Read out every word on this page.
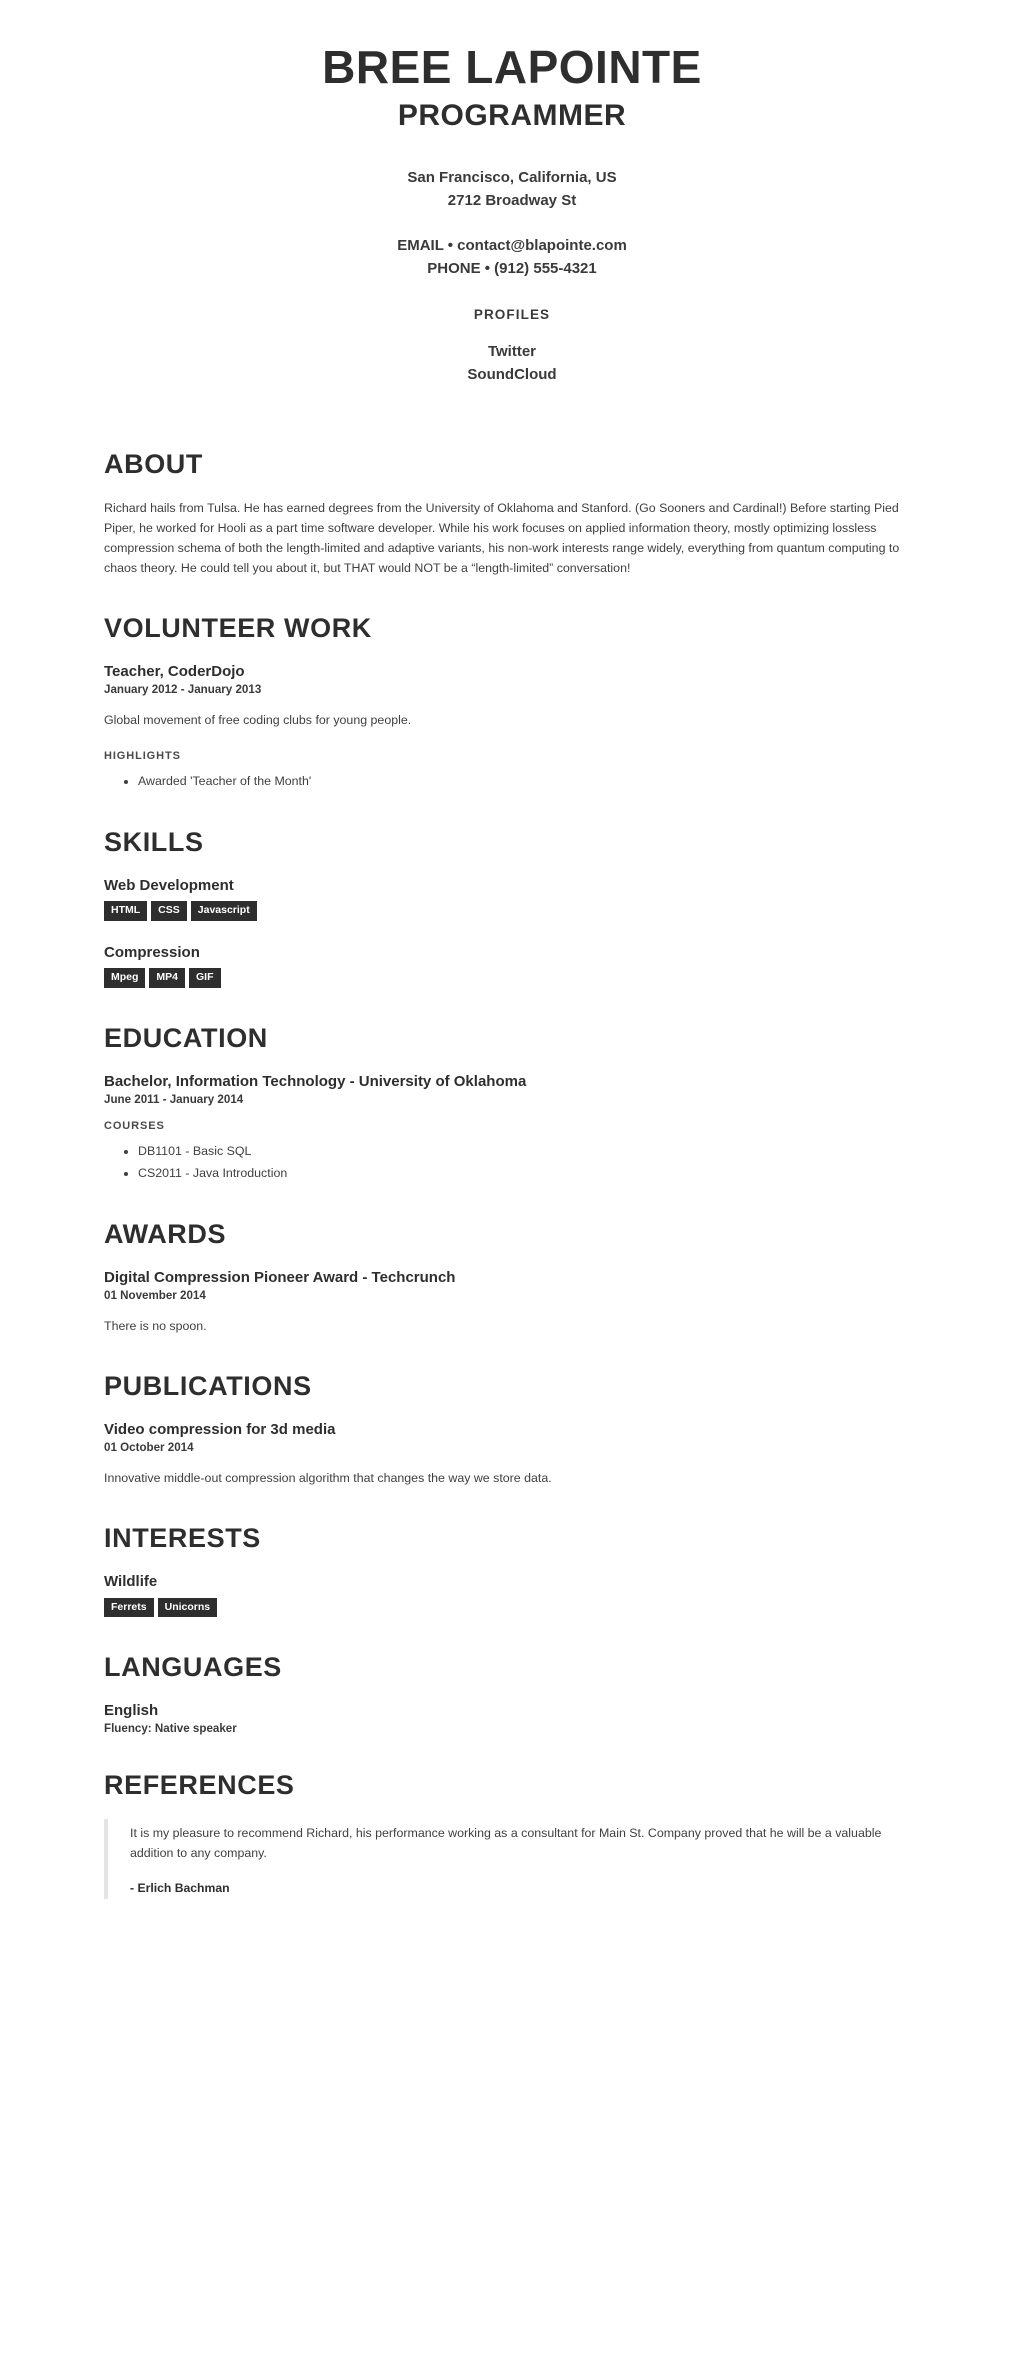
BREE LAPOINTE
PROGRAMMER
San Francisco, California, US
2712 Broadway St
EMAIL • contact@blapointe.com
PHONE • (912) 555-4321
PROFILES
Twitter
SoundCloud
ABOUT

Richard hails from Tulsa. He has earned degrees from the University of Oklahoma and Stanford. (Go Sooners and Cardinal!) Before starting Pied Piper, he worked for Hooli as a part time software developer. While his work focuses on applied information theory, mostly optimizing lossless compression schema of both the length-limited and adaptive variants, his non-work interests range widely, everything from quantum computing to chaos theory. He could tell you about it, but THAT would NOT be a “length-limited” conversation!

VOLUNTEER WORK
Teacher, CoderDojo
January 2012 - January 2013
Global movement of free coding clubs for young people.
HIGHLIGHTS
• Awarded 'Teacher of the Month'
SKILLS
Web Development
HTML	CSS	Javascript
Compression
Mpeg	MP4	GIF
EDUCATION
Bachelor, Information Technology - University of Oklahoma
June 2011 - January 2014
COURSES
• DB1101 - Basic SQL
• CS2011 - Java Introduction
AWARDS
Digital Compression Pioneer Award - Techcrunch
01 November 2014
There is no spoon.
PUBLICATIONS
Video compression for 3d media
01 October 2014
Innovative middle-out compression algorithm that changes the way we store data.
INTERESTS
Wildlife
Ferrets	Unicorns
LANGUAGES
English
Fluency: Native speaker
REFERENCES

It is my pleasure to recommend Richard, his performance working as a consultant for Main St. Company proved that he will be a valuable addition to any company.

- Erlich Bachman
